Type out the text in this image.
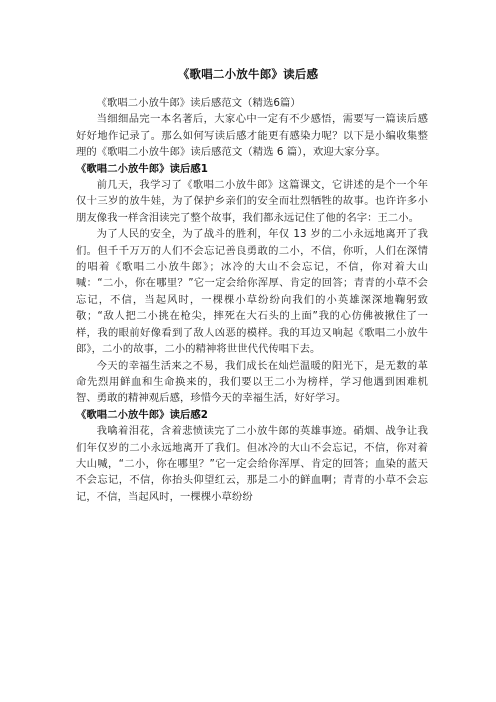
《歌唱二小放牛郎》读后感

《歌唱二小放牛郎》读后感范文（精选6篇）

当细细品完一本名著后，大家心中一定有不少感悟，需要写一篇读后感好好地作记录了。那么如何写读后感才能更有感染力呢？以下是小编收集整理的《歌唱二小放牛郎》读后感范文（精选 6 篇），欢迎大家分享。

《歌唱二小放牛郎》读后感1

前几天，我学习了《歌唱二小放牛郎》这篇课文，它讲述的是个一个年仅十三岁的放牛娃，为了保护乡亲们的安全而壮烈牺牲的故事。也许许多小朋友像我一样含泪读完了整个故事，我们都永远记住了他的名字：王二小。

为了人民的安全，为了战斗的胜利，年仅 13 岁的二小永远地离开了我们。但千千万万的人们不会忘记善良勇敢的二小，不信，你听，人们在深情的唱着《歌唱二小放牛郎》；冰冷的大山不会忘记，不信，你对着大山喊：“二小，你在哪里？”它一定会给你浑厚、肯定的回答；青青的小草不会忘记，不信，当起风时，一棵棵小草纷纷向我们的小英雄深深地鞠躬致敬；“敌人把二小挑在枪尖，摔死在大石头的上面”我的心仿佛被揪住了一样，我的眼前好像看到了敌人凶恶的模样。我的耳边又响起《歌唱二小放牛郎》，二小的故事，二小的精神将世世代代传唱下去。

今天的幸福生活来之不易，我们成长在灿烂温暖的阳光下，是无数的革命先烈用鲜血和生命换来的，我们要以王二小为榜样，学习他遇到困难机智、勇敢的精神观后感，珍惜今天的幸福生活，好好学习。

《歌唱二小放牛郎》读后感2

我噙着泪花，含着悲愤读完了二小放牛郎的英雄事迹。硝烟、战争让我们年仅岁的二小永远地离开了我们。但冰冷的大山不会忘记，不信，你对着大山喊，“二小，你在哪里？”它一定会给你浑厚、肯定的回答；血染的蓝天不会忘记，不信，你抬头仰望红云，那是二小的鲜血啊；青青的小草不会忘记，不信，当起风时，一棵棵小草纷纷
